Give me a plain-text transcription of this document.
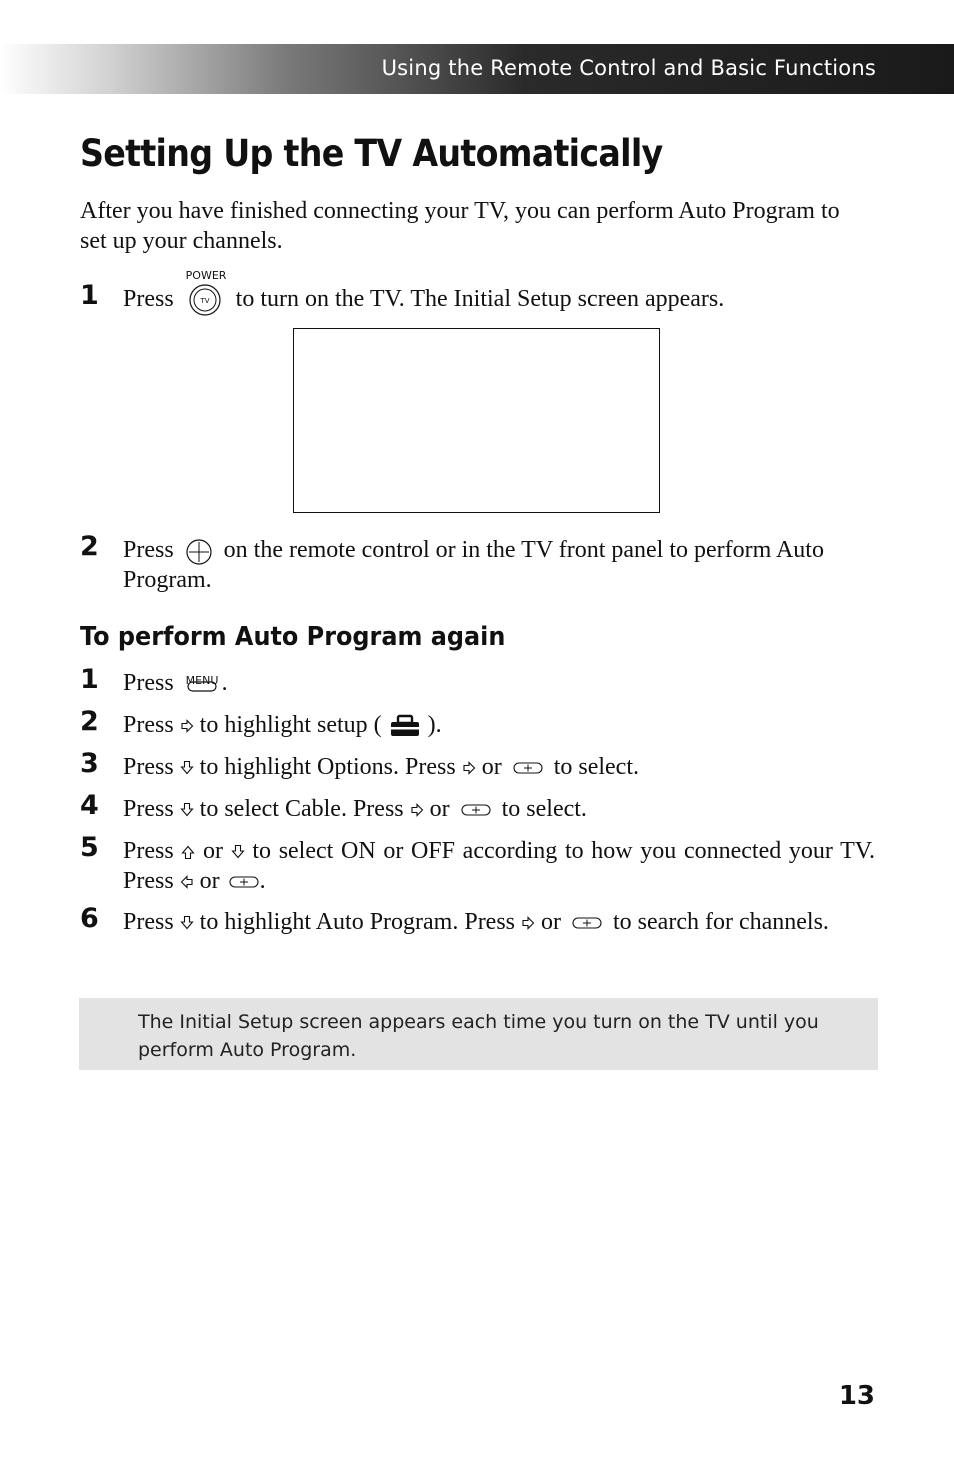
Using the Remote Control and Basic Functions
Setting Up the TV Automatically
After you have finished connecting your TV, you can perform Auto Program to set up your channels.
1 Press
POWER
TV to turn on the TV. The Initial Setup screen appears.
2 Press on the remote control or in the TV front panel to perform Auto Program.
To perform Auto Program again
1 Press MENU .
2 Press to highlight setup ( ).
3 Press to highlight Options. Press or to select.
4 Press to select Cable. Press or to select.
5 Press or to select ON or OFF according to how you connected your TV. Press or .
6 Press to highlight Auto Program. Press or to search for channels.
The Initial Setup screen appears each time you turn on the TV until you perform Auto Program.
13
